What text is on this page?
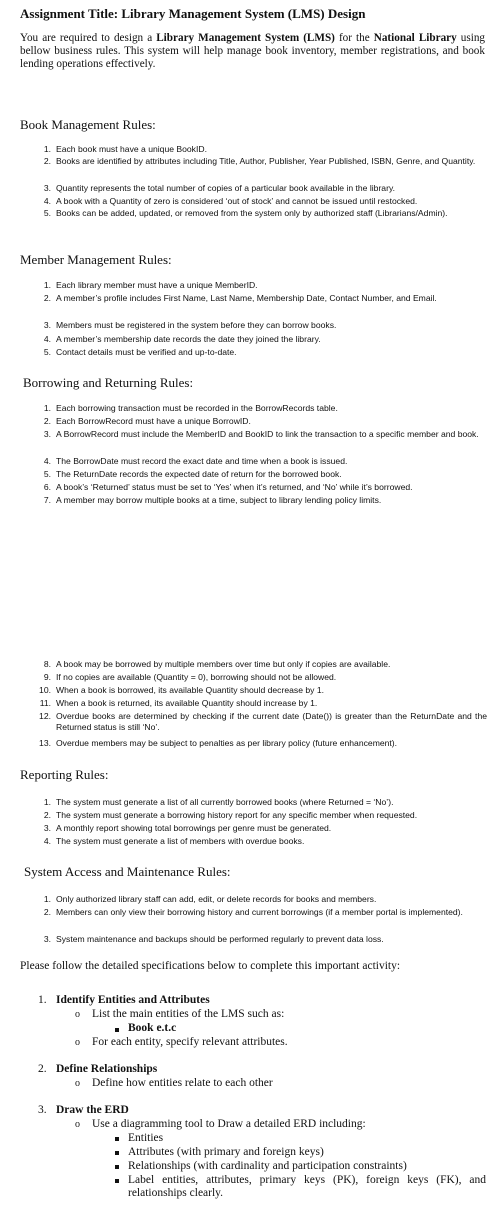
Assignment Title: Library Management System (LMS) Design
You are required to design a Library Management System (LMS) for the National Library using bellow business rules. This system will help manage book inventory, member registrations, and book lending operations effectively.
Book Management Rules:
1. Each book must have a unique BookID.
2. Books are identified by attributes including Title, Author, Publisher, Year Published, ISBN, Genre, and Quantity.
3. Quantity represents the total number of copies of a particular book available in the library.
4. A book with a Quantity of zero is considered ‘out of stock’ and cannot be issued until restocked.
5. Books can be added, updated, or removed from the system only by authorized staff (Librarians/Admin).
Member Management Rules:
1. Each library member must have a unique MemberID.
2. A member’s profile includes First Name, Last Name, Membership Date, Contact Number, and Email.
3. Members must be registered in the system before they can borrow books.
4. A member’s membership date records the date they joined the library.
5. Contact details must be verified and up-to-date.
Borrowing and Returning Rules:
1. Each borrowing transaction must be recorded in the BorrowRecords table.
2. Each BorrowRecord must have a unique BorrowID.
3. A BorrowRecord must include the MemberID and BookID to link the transaction to a specific member and book.
4. The BorrowDate must record the exact date and time when a book is issued.
5. The ReturnDate records the expected date of return for the borrowed book.
6. A book’s ‘Returned’ status must be set to ‘Yes’ when it’s returned, and ‘No’ while it’s borrowed.
7. A member may borrow multiple books at a time, subject to library lending policy limits.
8. A book may be borrowed by multiple members over time but only if copies are available.
9. If no copies are available (Quantity = 0), borrowing should not be allowed.
10. When a book is borrowed, its available Quantity should decrease by 1.
11. When a book is returned, its available Quantity should increase by 1.
12. Overdue books are determined by checking if the current date (Date()) is greater than the ReturnDate and the Returned status is still ‘No’.
13. Overdue members may be subject to penalties as per library policy (future enhancement).
Reporting Rules:
1. The system must generate a list of all currently borrowed books (where Returned = ‘No’).
2. The system must generate a borrowing history report for any specific member when requested.
3. A monthly report showing total borrowings per genre must be generated.
4. The system must generate a list of members with overdue books.
System Access and Maintenance Rules:
1. Only authorized library staff can add, edit, or delete records for books and members.
2. Members can only view their borrowing history and current borrowings (if a member portal is implemented).
3. System maintenance and backups should be performed regularly to prevent data loss.
Please follow the detailed specifications below to complete this important activity:
1. Identify Entities and Attributes
o List the main entities of the LMS such as:
Book e.t.c
o For each entity, specify relevant attributes.
2. Define Relationships
o Define how entities relate to each other
3. Draw the ERD
o Use a diagramming tool to Draw a detailed ERD including:
Entities
Attributes (with primary and foreign keys)
Relationships (with cardinality and participation constraints)
Label entities, attributes, primary keys (PK), foreign keys (FK), and relationships clearly.
